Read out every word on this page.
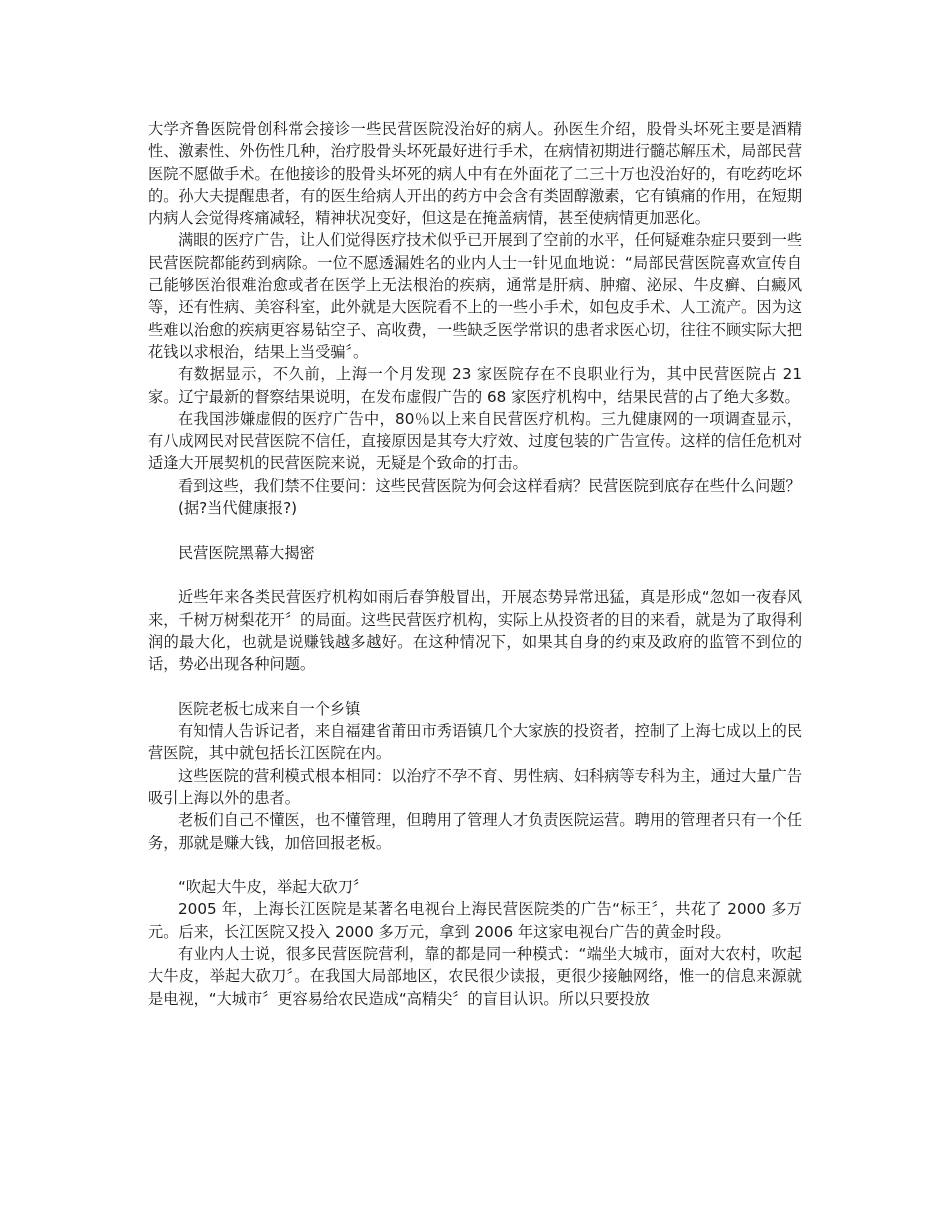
大学齐鲁医院骨创科常会接诊一些民营医院没治好的病人。孙医生介绍，股骨头坏死主要是酒精性、激素性、外伤性几种，治疗股骨头坏死最好进行手术，在病情初期进行髓芯解压术，局部民营医院不愿做手术。在他接诊的股骨头坏死的病人中有在外面花了二三十万也没治好的，有吃药吃坏的。孙大夫提醒患者，有的医生给病人开出的药方中会含有类固醇激素，它有镇痛的作用，在短期内病人会觉得疼痛减轻，精神状况变好，但这是在掩盖病情，甚至使病情更加恶化。

满眼的医疗广告，让人们觉得医疗技术似乎已开展到了空前的水平，任何疑难杂症只要到一些民营医院都能药到病除。一位不愿透漏姓名的业内人士一针见血地说：“局部民营医院喜欢宣传自己能够医治很难治愈或者在医学上无法根治的疾病，通常是肝病、肿瘤、泌尿、牛皮癣、白癜风等，还有性病、美容科室，此外就是大医院看不上的一些小手术，如包皮手术、人工流产。因为这些难以治愈的疾病更容易钻空子、高收费，一些缺乏医学常识的患者求医心切，往往不顾实际大把花钱以求根治，结果上当受骗〞。

有数据显示，不久前，上海一个月发现 23 家医院存在不良职业行为，其中民营医院占 21 家。辽宁最新的督察结果说明，在发布虚假广告的 68 家医疗机构中，结果民营的占了绝大多数。

在我国涉嫌虚假的医疗广告中，80％以上来自民营医疗机构。三九健康网的一项调查显示，有八成网民对民营医院不信任，直接原因是其夸大疗效、过度包装的广告宣传。这样的信任危机对适逢大开展契机的民营医院来说，无疑是个致命的打击。

看到这些，我们禁不住要问：这些民营医院为何会这样看病？民营医院到底存在些什么问题？

(据?当代健康报?)

民营医院黑幕大揭密

近些年来各类民营医疗机构如雨后春笋般冒出，开展态势异常迅猛，真是形成“忽如一夜春风来，千树万树梨花开〞的局面。这些民营医疗机构，实际上从投资者的目的来看，就是为了取得利润的最大化，也就是说赚钱越多越好。在这种情况下，如果其自身的约束及政府的监管不到位的话，势必出现各种问题。

医院老板七成来自一个乡镇

有知情人告诉记者，来自福建省莆田市秀语镇几个大家族的投资者，控制了上海七成以上的民营医院，其中就包括长江医院在内。

这些医院的营利模式根本相同：以治疗不孕不育、男性病、妇科病等专科为主，通过大量广告吸引上海以外的患者。

老板们自己不懂医，也不懂管理，但聘用了管理人才负责医院运营。聘用的管理者只有一个任务，那就是赚大钱，加倍回报老板。

“吹起大牛皮，举起大砍刀〞

2005 年，上海长江医院是某著名电视台上海民营医院类的广告“标王〞，共花了 2000 多万元。后来，长江医院又投入 2000 多万元，拿到 2006 年这家电视台广告的黄金时段。

有业内人士说，很多民营医院营利，靠的都是同一种模式：“端坐大城市，面对大农村，吹起大牛皮，举起大砍刀〞。在我国大局部地区，农民很少读报，更很少接触网络，惟一的信息来源就是电视，“大城市〞更容易给农民造成“高精尖〞的盲目认识。所以只要投放
